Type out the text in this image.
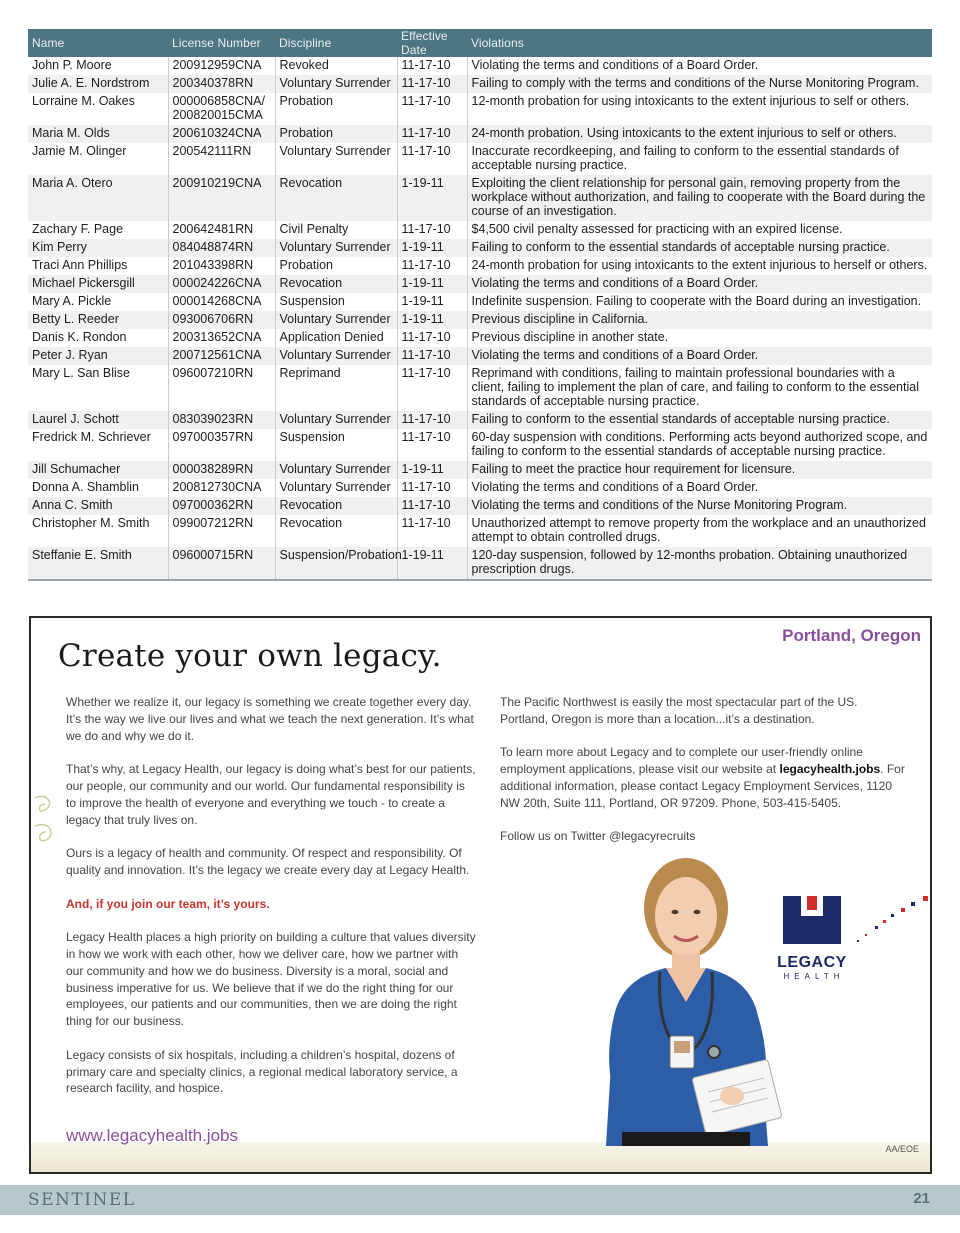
Name	License Number	Discipline	Effective Date	Violations
John P. Moore	200912959CNA	Revoked	11-17-10	Violating the terms and conditions of a Board Order.
Julie A. E. Nordstrom	200340378RN	Voluntary Surrender	11-17-10	Failing to comply with the terms and conditions of the Nurse Monitoring Program.
Lorraine M. Oakes	000006858CNA/ 200820015CMA	Probation	11-17-10	12-month probation for using intoxicants to the extent injurious to self or others.
Maria M. Olds	200610324CNA	Probation	11-17-10	24-month probation. Using intoxicants to the extent injurious to self or others.
Jamie M. Olinger	200542111RN	Voluntary Surrender	11-17-10	Inaccurate recordkeeping, and failing to conform to the essential standards of acceptable nursing practice.
Maria A. Otero	200910219CNA	Revocation	1-19-11	Exploiting the client relationship for personal gain, removing property from the workplace without authorization, and failing to cooperate with the Board during the course of an investigation.
Zachary F. Page	200642481RN	Civil Penalty	11-17-10	$4,500 civil penalty assessed for practicing with an expired license.
Kim Perry	084048874RN	Voluntary Surrender	1-19-11	Failing to conform to the essential standards of acceptable nursing practice.
Traci Ann Phillips	201043398RN	Probation	11-17-10	24-month probation for using intoxicants to the extent injurious to herself or others.
Michael Pickersgill	000024226CNA	Revocation	1-19-11	Violating the terms and conditions of a Board Order.
Mary A. Pickle	000014268CNA	Suspension	1-19-11	Indefinite suspension. Failing to cooperate with the Board during an investigation.
Betty L. Reeder	093006706RN	Voluntary Surrender	1-19-11	Previous discipline in California.
Danis K. Rondon	200313652CNA	Application Denied	11-17-10	Previous discipline in another state.
Peter J. Ryan	200712561CNA	Voluntary Surrender	11-17-10	Violating the terms and conditions of a Board Order.
Mary L. San Blise	096007210RN	Reprimand	11-17-10	Reprimand with conditions, failing to maintain professional boundaries with a client, failing to implement the plan of care, and failing to conform to the essential standards of acceptable nursing practice.
Laurel J. Schott	083039023RN	Voluntary Surrender	11-17-10	Failing to conform to the essential standards of acceptable nursing practice.
Fredrick M. Schriever	097000357RN	Suspension	11-17-10	60-day suspension with conditions. Performing acts beyond authorized scope, and failing to conform to the essential standards of acceptable nursing practice.
Jill Schumacher	000038289RN	Voluntary Surrender	1-19-11	Failing to meet the practice hour requirement for licensure.
Donna A. Shamblin	200812730CNA	Voluntary Surrender	11-17-10	Violating the terms and conditions of a Board Order.
Anna C. Smith	097000362RN	Revocation	11-17-10	Violating the terms and conditions of the Nurse Monitoring Program.
Christopher M. Smith	099007212RN	Revocation	11-17-10	Unauthorized attempt to remove property from the workplace and an unauthorized attempt to obtain controlled drugs.
Steffanie E. Smith	096000715RN	Suspension/Probation	1-19-11	120-day suspension, followed by 12-months probation. Obtaining unauthorized prescription drugs.
Portland, Oregon
Create your own legacy.

Whether we realize it, our legacy is something we create together every day. It’s the way we live our lives and what we teach the next generation. It’s what we do and why we do it.

That’s why, at Legacy Health, our legacy is doing what’s best for our patients, our people, our community and our world. Our fundamental responsibility is to improve the health of everyone and everything we touch - to create a legacy that truly lives on.

Ours is a legacy of health and community. Of respect and responsibility. Of quality and innovation. It’s the legacy we create every day at Legacy Health.

And, if you join our team, it’s yours.

Legacy Health places a high priority on building a culture that values diversity in how we work with each other, how we deliver care, how we partner with our community and how we do business. Diversity is a moral, social and business imperative for us. We believe that if we do the right thing for our employees, our patients and our communities, then we are doing the right thing for our business.

Legacy consists of six hospitals, including a children’s hospital, dozens of primary care and specialty clinics, a regional medical laboratory service, a research facility, and hospice.

The Pacific Northwest is easily the most spectacular part of the US. Portland, Oregon is more than a location...it’s a destination.

To learn more about Legacy and to complete our user-friendly online employment applications, please visit our website at legacyhealth.jobs. For additional information, please contact Legacy Employment Services, 1120 NW 20th, Suite 111, Portland, OR 97209. Phone, 503-415-5405.

Follow us on Twitter @legacyrecruits

LEGACY
HEALTH
www.legacyhealth.jobs
AA/EOE
SENTINEL	21
